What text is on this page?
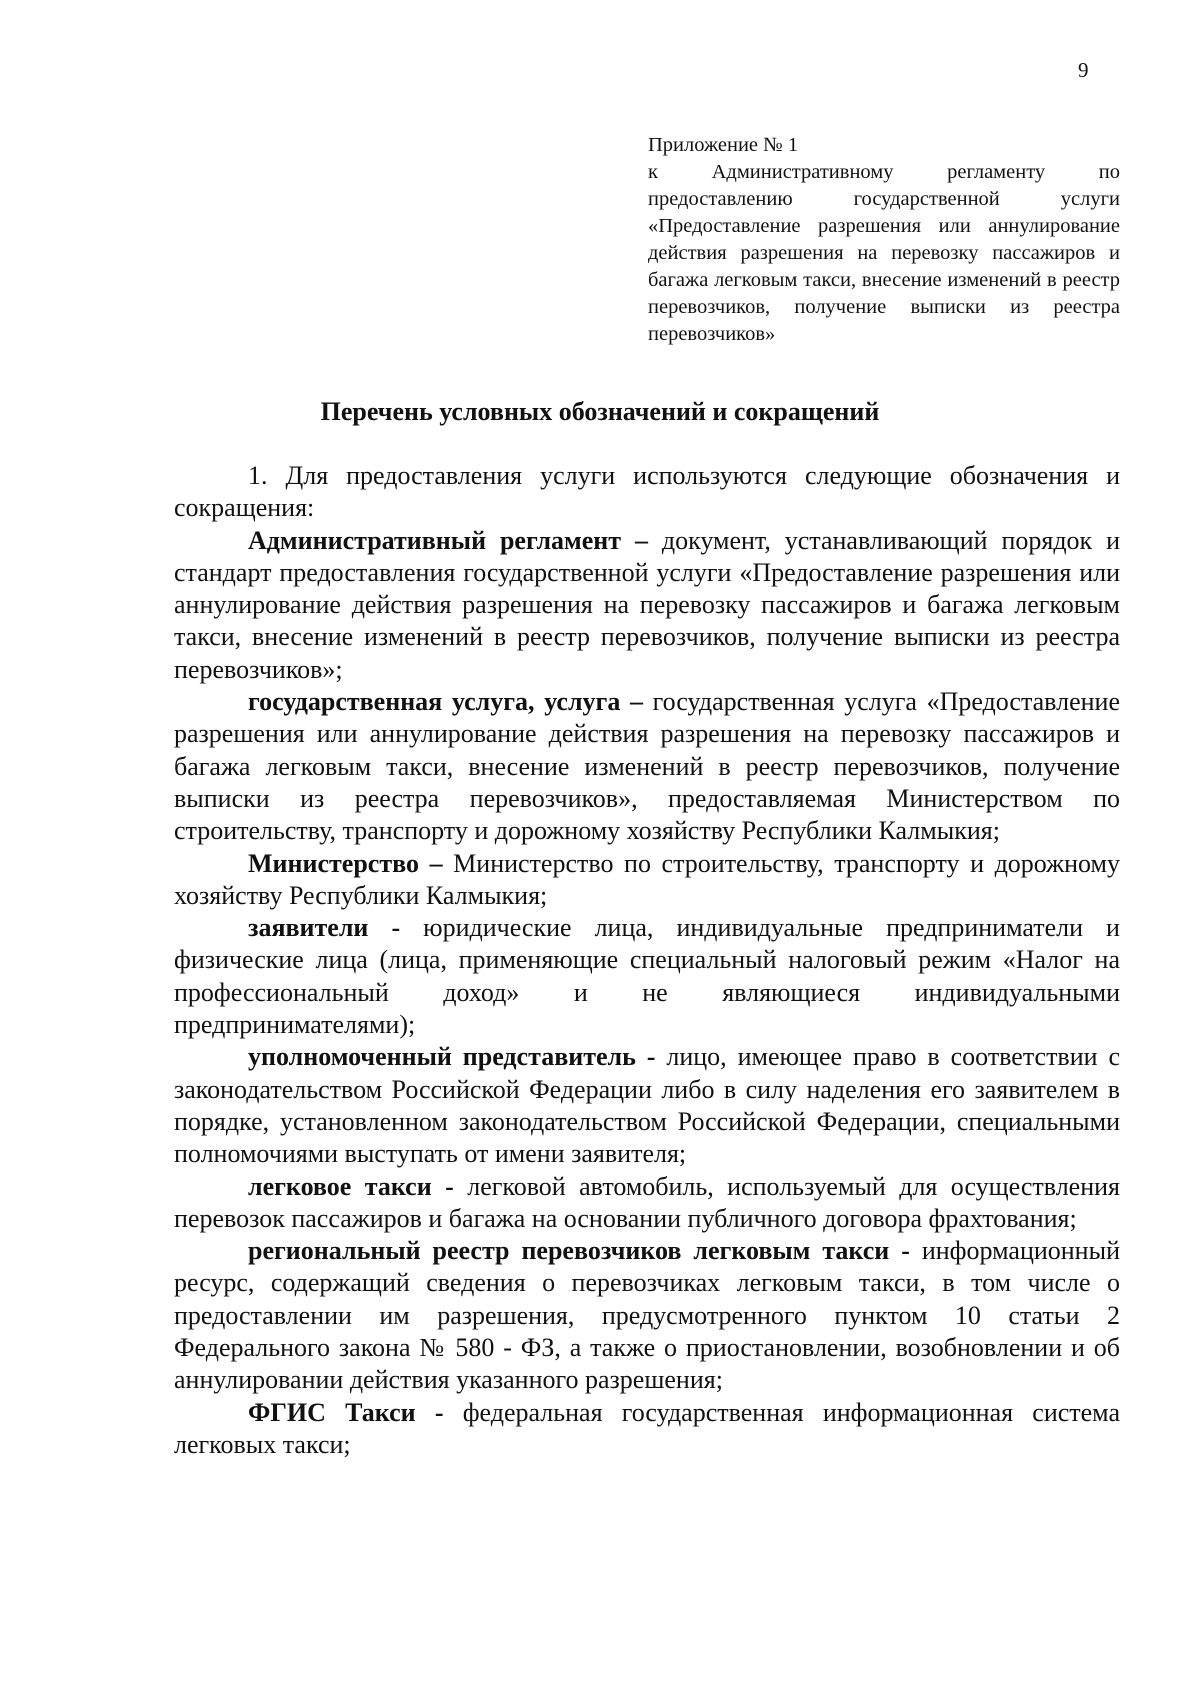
9
Приложение № 1
к Административному регламенту по предоставлению государственной услуги «Предоставление разрешения или аннулирование действия разрешения на перевозку пассажиров и багажа легковым такси, внесение изменений в реестр перевозчиков, получение выписки из реестра перевозчиков»
Перечень условных обозначений и сокращений

1. Для предоставления услуги используются следующие обозначения и сокращения:

Административный регламент – документ, устанавливающий порядок и стандарт предоставления государственной услуги «Предоставление разрешения или аннулирование действия разрешения на перевозку пассажиров и багажа легковым такси, внесение изменений в реестр перевозчиков, получение выписки из реестра перевозчиков»;

государственная услуга, услуга – государственная услуга «Предоставление разрешения или аннулирование действия разрешения на перевозку пассажиров и багажа легковым такси, внесение изменений в реестр перевозчиков, получение выписки из реестра перевозчиков», предоставляемая Министерством по строительству, транспорту и дорожному хозяйству Республики Калмыкия;

Министерство – Министерство по строительству, транспорту и дорожному хозяйству Республики Калмыкия;

заявители - юридические лица, индивидуальные предприниматели и физические лица (лица, применяющие специальный налоговый режим «Налог на профессиональный доход» и не являющиеся индивидуальными предпринимателями);

уполномоченный представитель - лицо, имеющее право в соответствии с законодательством Российской Федерации либо в силу наделения его заявителем в порядке, установленном законодательством Российской Федерации, специальными полномочиями выступать от имени заявителя;

легковое такси - легковой автомобиль, используемый для осуществления перевозок пассажиров и багажа на основании публичного договора фрахтования;

региональный реестр перевозчиков легковым такси - информационный ресурс, содержащий сведения о перевозчиках легковым такси, в том числе о предоставлении им разрешения, предусмотренного пунктом 10 статьи 2 Федерального закона № 580 - ФЗ, а также о приостановлении, возобновлении и об аннулировании действия указанного разрешения;

ФГИС Такси - федеральная государственная информационная система легковых такси;
